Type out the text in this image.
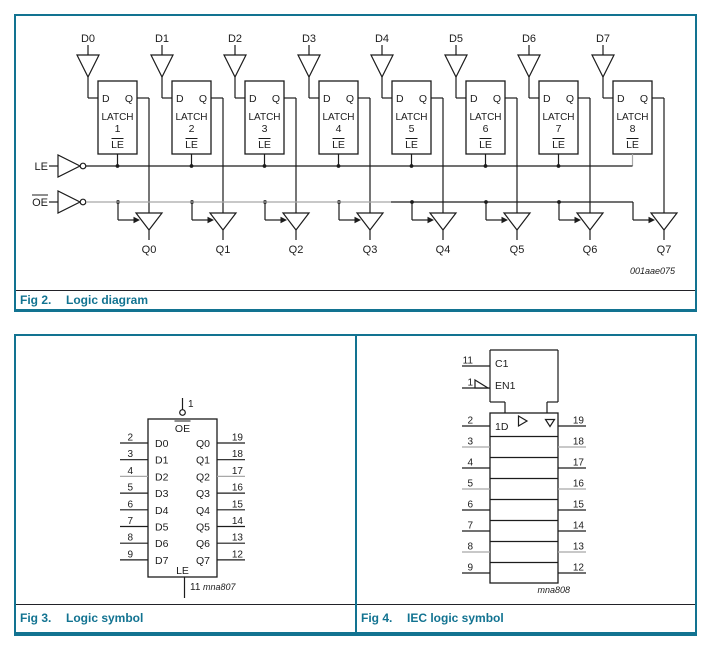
D0
D Q
LATCH
1
LE
Q0
D1
D Q
LATCH
2
LE
Q1
D2
D Q
LATCH
3
LE
Q2
D3
D Q
LATCH
4
LE
Q3
D4
D Q
LATCH
5
LE
Q4
D5
D Q
LATCH
6
LE
Q5
D6
D Q
LATCH
7
LE
Q6
D7
D Q
LATCH
8
LE
Q7
LE
OE
001aae075
Fig 2.	Logic diagram
1
OE
2 D0	19
Q0
3 D1	18
Q1
4 D2	17
Q2
5 D3	16
Q3
6 D4	15
Q4
7 D5	14
Q5
8 D6	13
Q6
9 D7	12
Q7
LE
11 mna807
C1
EN1
11
1
2	19
3	18
4	17
5	16
6	15
7	14
8	13
9	12
1D
mna808
Fig 3.	Logic symbol	Fig 4.	IEC logic symbol
